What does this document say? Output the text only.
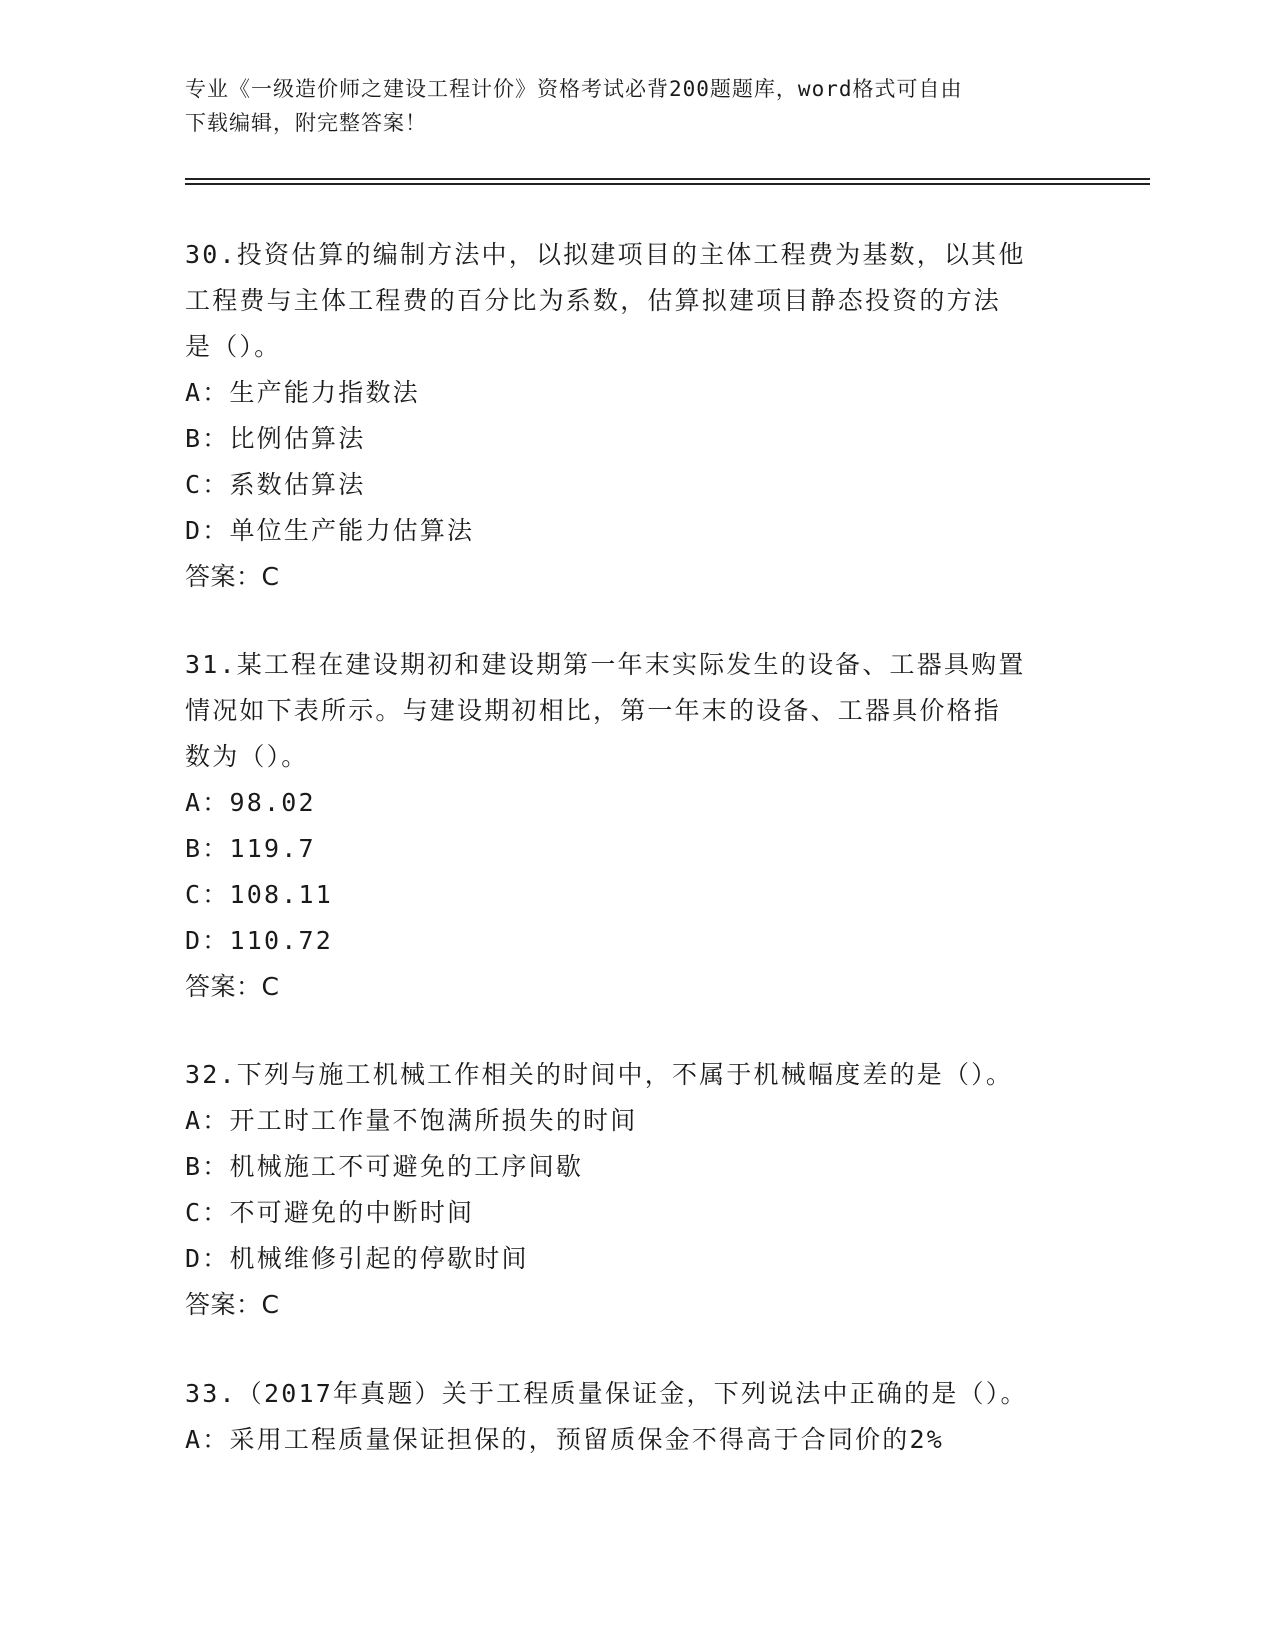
专业《一级造价师之建设工程计价》资格考试必背200题题库，word格式可自由
下载编辑，附完整答案！

30.投资估算的编制方法中，以拟建项目的主体工程费为基数，以其他

工程费与主体工程费的百分比为系数，估算拟建项目静态投资的方法

是（）。

A：生产能力指数法

B：比例估算法

C：系数估算法

D：单位生产能力估算法

答案：C

31.某工程在建设期初和建设期第一年末实际发生的设备、工器具购置

情况如下表所示。与建设期初相比，第一年末的设备、工器具价格指

数为（）。

A：98.02

B：119.7

C：108.11

D：110.72

答案：C

32.下列与施工机械工作相关的时间中，不属于机械幅度差的是（）。

A：开工时工作量不饱满所损失的时间

B：机械施工不可避免的工序间歇

C：不可避免的中断时间

D：机械维修引起的停歇时间

答案：C

33.（2017年真题）关于工程质量保证金，下列说法中正确的是（）。

A：采用工程质量保证担保的，预留质保金不得高于合同价的2%
